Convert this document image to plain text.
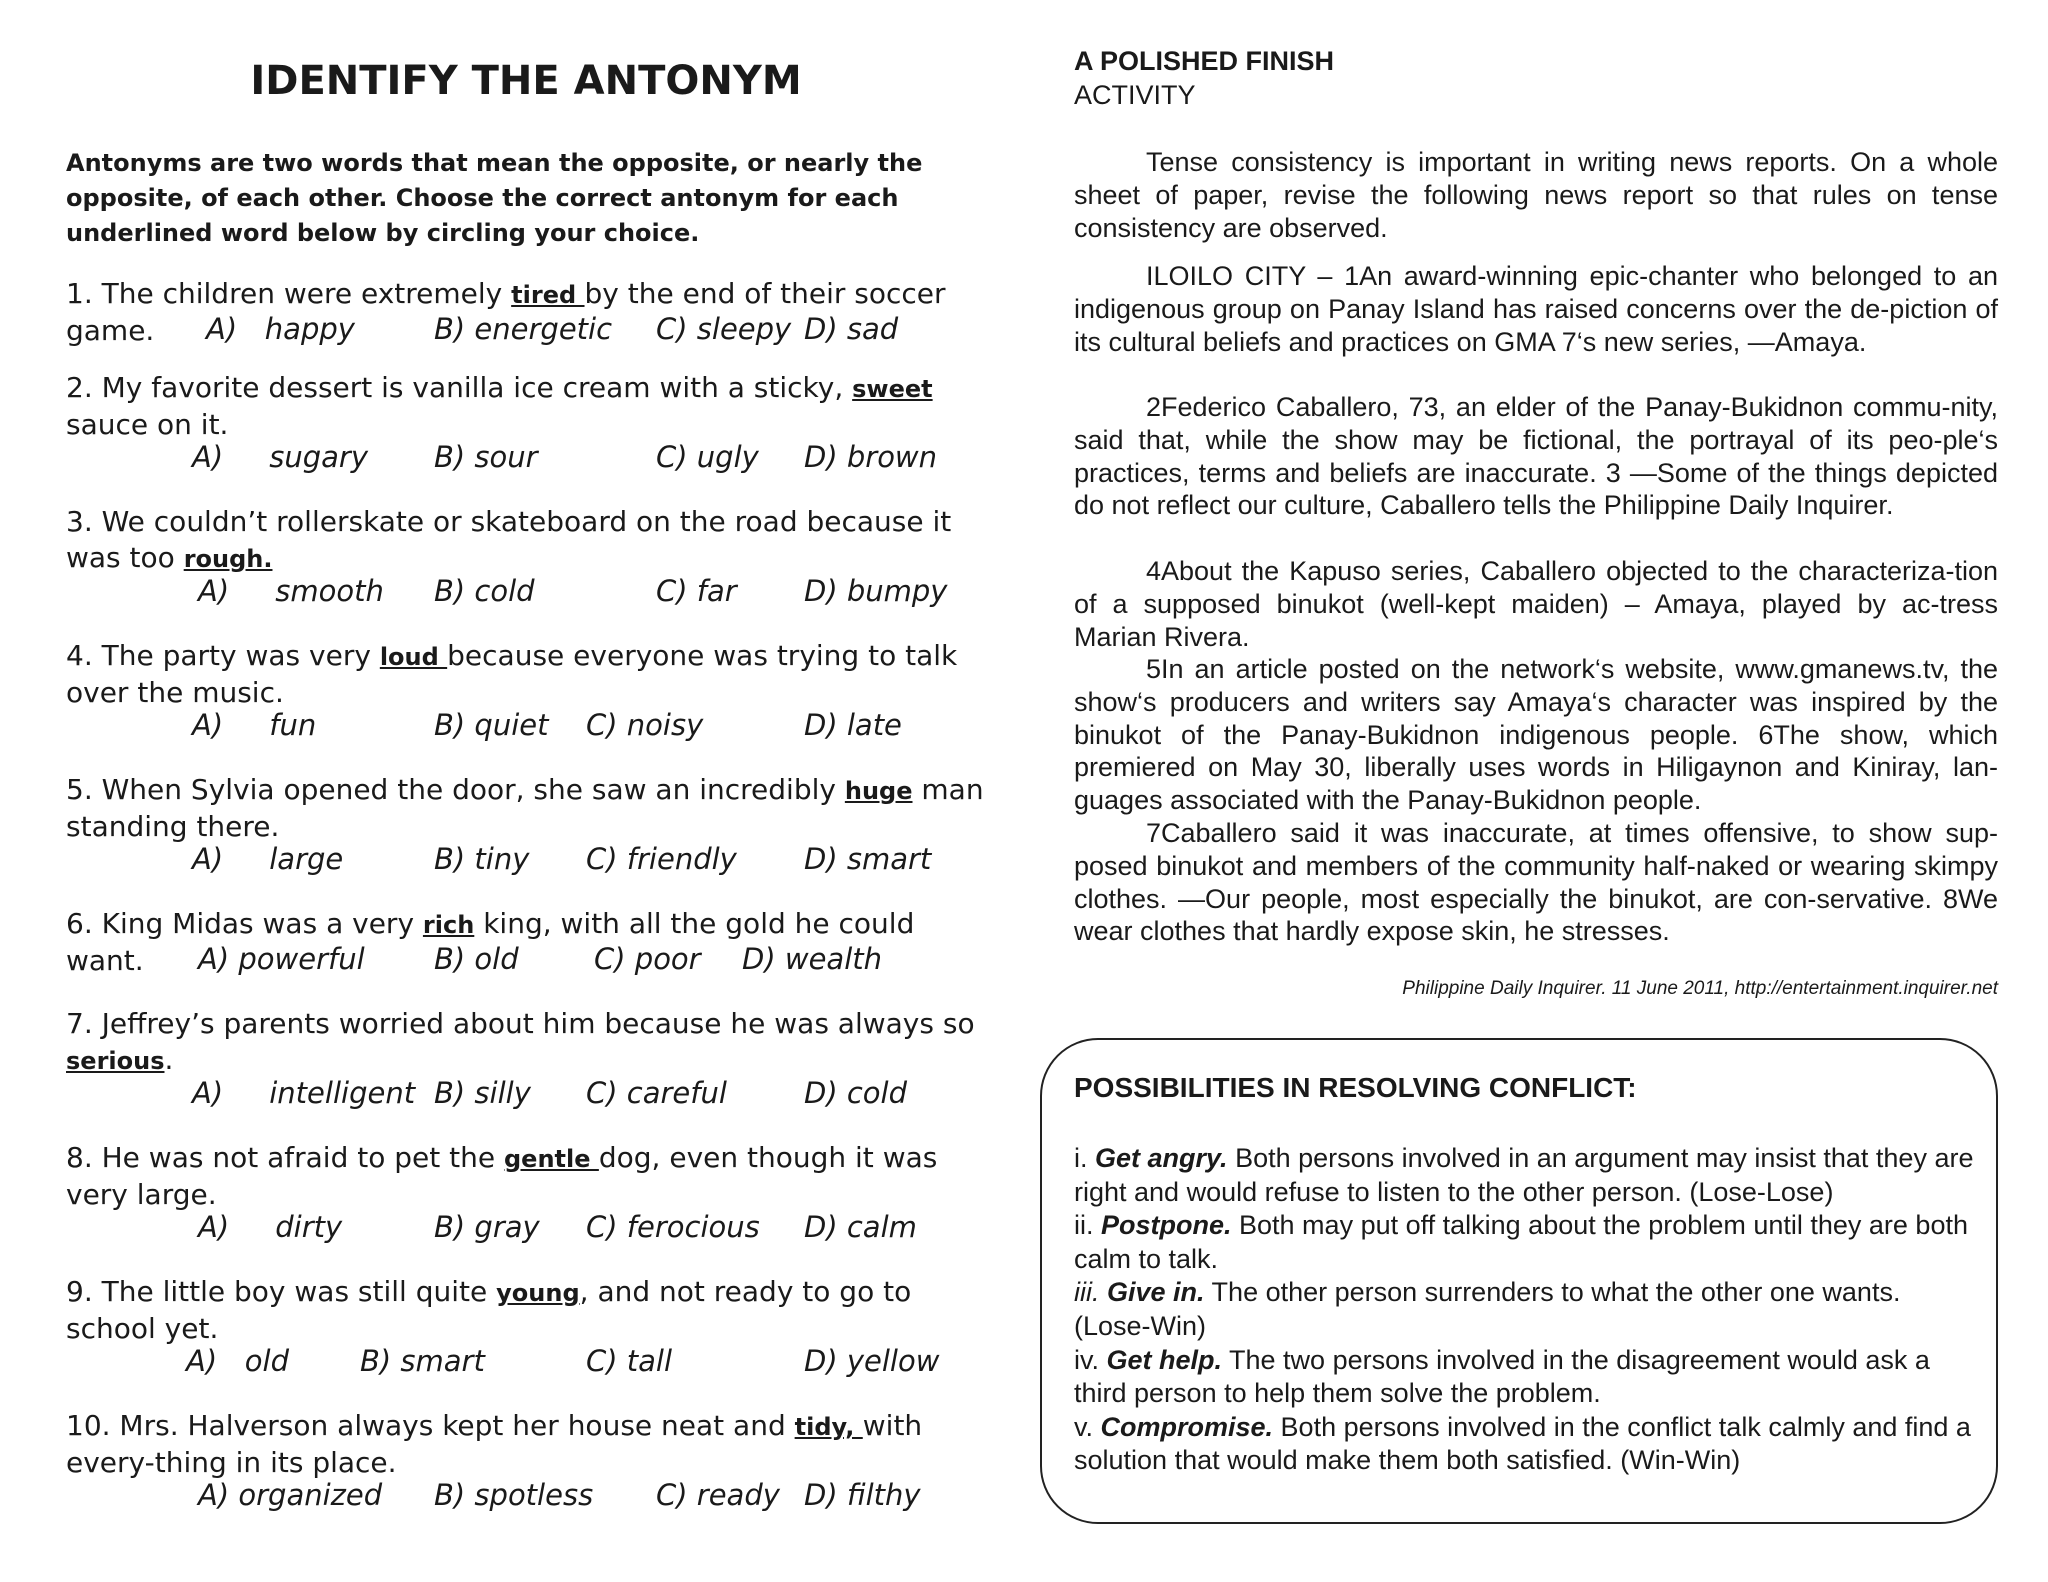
IDENTIFY THE ANTONYM
Antonyms are two words that mean the opposite, or nearly the opposite, of each other. Choose the correct antonym for each underlined word below by circling your choice.
1. The children were extremely tired by the end of their soccer game.	A)   happy	B) energetic C) sleepy D) sad
2. My favorite dessert is vanilla ice cream with a sticky, sweet sauce on it.
A)     sugary B) sour	C) ugly D) brown
3. We couldn’t rollerskate or skateboard on the road because it was too rough.
A)     smooth B) cold	C) far D) bumpy
4. The party was very loud because everyone was trying to talk over the music.
A)     fun	B) quiet C) noisy	D) late
5. When Sylvia opened the door, she saw an incredibly huge man standing there.
A)     large	B) tiny C) friendly D) smart
6. King Midas was a very rich king, with all the gold he could want.	A) powerful B) old	C) poor D) wealth
7. Jeffrey’s parents worried about him because he was always so serious.
A)     intelligent B) silly C) careful	D) cold
8. He was not afraid to pet the gentle dog, even though it was very large.
A)     dirty	B) gray C) ferocious D) calm
9. The little boy was still quite young, and not ready to go to school yet.
A)   old B) smart	C) tall	D) yellow
10. Mrs. Halverson always kept her house neat and tidy, with every-thing in its place.
A) organized B) spotless C) ready D) filthy
A POLISHED FINISH
ACTIVITY
Tense consistency is important in writing news reports. On a whole sheet of paper, revise the following news report so that rules on tense consistency are observed.
ILOILO CITY – 1An award-winning epic-chanter who belonged to an indigenous group on Panay Island has raised concerns over the de-piction of its cultural beliefs and practices on GMA 7‘s new series, —Amaya.
2Federico Caballero, 73, an elder of the Panay-Bukidnon commu-nity, said that, while the show may be fictional, the portrayal of its peo-ple‘s practices, terms and beliefs are inaccurate. 3 —Some of the things depicted do not reflect our culture, Caballero tells the Philippine Daily Inquirer.
4About the Kapuso series, Caballero objected to the characteriza-tion of a supposed binukot (well-kept maiden) – Amaya, played by ac-tress Marian Rivera.
5In an article posted on the network‘s website, www.gmanews.tv, the show‘s producers and writers say Amaya‘s character was inspired by the binukot of the Panay-Bukidnon indigenous people. 6The show, which premiered on May 30, liberally uses words in Hiligaynon and Kiniray, lan-guages associated with the Panay-Bukidnon people.
7Caballero said it was inaccurate, at times offensive, to show sup-posed binukot and members of the community half-naked or wearing skimpy clothes. —Our people, most especially the binukot, are con-servative. 8We wear clothes that hardly expose skin, he stresses.
Philippine Daily Inquirer. 11 June 2011, http://entertainment.inquirer.net
POSSIBILITIES IN RESOLVING CONFLICT:

i. Get angry. Both persons involved in an argument may insist that they are right and would refuse to listen to the other person. (Lose-Lose)

ii. Postpone. Both may put off talking about the problem until they are both calm to talk.

iii. Give in. The other person surrenders to what the other one wants. (Lose-Win)

iv. Get help. The two persons involved in the disagreement would ask a third person to help them solve the problem.

v. Compromise. Both persons involved in the conflict talk calmly and find a solution that would make them both satisfied. (Win-Win)
